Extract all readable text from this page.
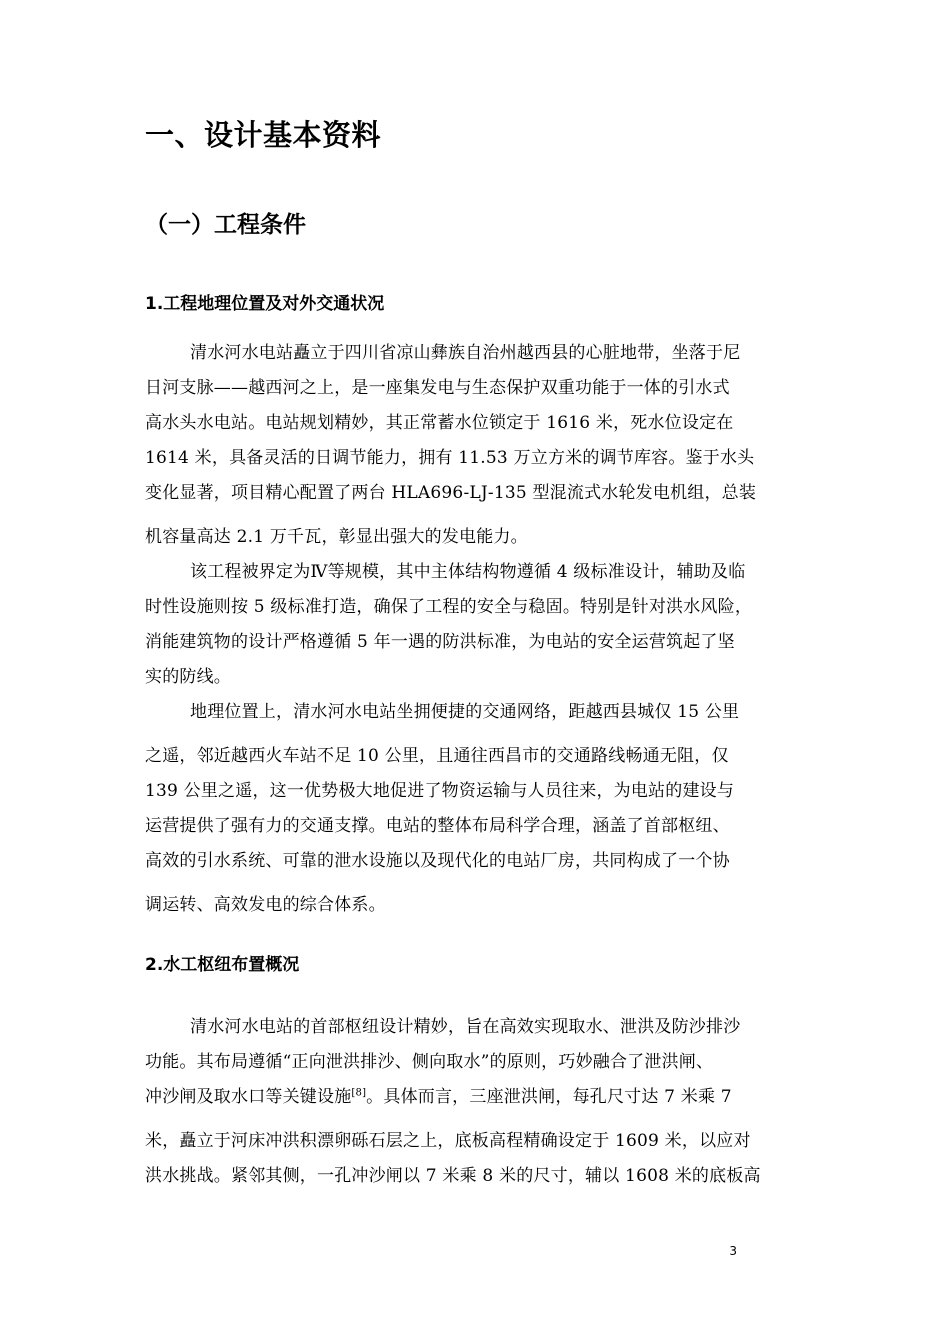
一、设计基本资料
（一）工程条件
1.工程地理位置及对外交通状况
清水河水电站矗立于四川省凉山彝族自治州越西县的心脏地带，坐落于尼
日河支脉——越西河之上，是一座集发电与生态保护双重功能于一体的引水式
高水头水电站。电站规划精妙，其正常蓄水位锁定于 1616 米，死水位设定在
1614 米，具备灵活的日调节能力，拥有 11.53 万立方米的调节库容。鉴于水头
变化显著，项目精心配置了两台 HLA696-LJ-135 型混流式水轮发电机组，总装
机容量高达 2.1 万千瓦，彰显出强大的发电能力。
该工程被界定为Ⅳ等规模，其中主体结构物遵循 4 级标准设计，辅助及临
时性设施则按 5 级标准打造，确保了工程的安全与稳固。特别是针对洪水风险，
消能建筑物的设计严格遵循 5 年一遇的防洪标准，为电站的安全运营筑起了坚
实的防线。
地理位置上，清水河水电站坐拥便捷的交通网络，距越西县城仅 15 公里
之遥，邻近越西火车站不足 10 公里，且通往西昌市的交通路线畅通无阻，仅
139 公里之遥，这一优势极大地促进了物资运输与人员往来，为电站的建设与
运营提供了强有力的交通支撑。电站的整体布局科学合理，涵盖了首部枢纽、
高效的引水系统、可靠的泄水设施以及现代化的电站厂房，共同构成了一个协
调运转、高效发电的综合体系。
2.水工枢纽布置概况
清水河水电站的首部枢纽设计精妙，旨在高效实现取水、泄洪及防沙排沙
功能。其布局遵循“正向泄洪排沙、侧向取水”的原则，巧妙融合了泄洪闸、
冲沙闸及取水口等关键设施[8]。具体而言，三座泄洪闸，每孔尺寸达 7 米乘 7
米，矗立于河床冲洪积漂卵砾石层之上，底板高程精确设定于 1609 米，以应对
洪水挑战。紧邻其侧，一孔冲沙闸以 7 米乘 8 米的尺寸，辅以 1608 米的底板高
3
